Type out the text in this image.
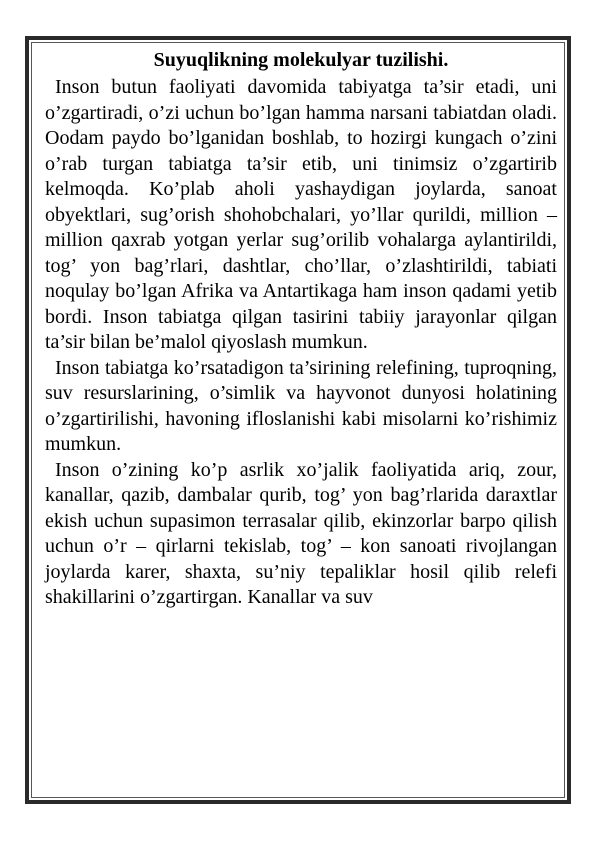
Suyuqlikning molekulyar tuzilishi.

Inson butun faoliyati davomida tabiyatga ta’sir etadi, uni o’zgartiradi, o’zi uchun bo’lgan hamma narsani tabiatdan oladi. Oodam paydo bo’lganidan boshlab, to hozirgi kungach o’zini o’rab turgan tabiatga ta’sir etib, uni tinimsiz o’zgartirib kelmoqda. Ko’plab aholi yashaydigan joylarda, sanoat obyektlari, sug’orish shohobchalari, yo’llar qurildi, million – million qaxrab yotgan yerlar sug’orilib vohalarga aylantirildi, tog’ yon bag’rlari, dashtlar, cho’llar, o’zlashtirildi, tabiati noqulay bo’lgan Afrika va Antartikaga ham inson qadami yetib bordi. Inson tabiatga qilgan tasirini tabiiy jarayonlar qilgan ta’sir bilan be’malol qiyoslash mumkun.

Inson tabiatga ko’rsatadigon ta’sirining relefining, tuproqning, suv resurslarining, o’simlik va hayvonot dunyosi holatining o’zgartirilishi, havoning ifloslanishi kabi misolarni ko’rishimiz mumkun.

Inson o’zining ko’p asrlik xo’jalik faoliyatida ariq, zour, kanallar, qazib, dambalar qurib, tog’ yon bag’rlarida daraxtlar ekish uchun supasimon terrasalar qilib, ekinzorlar barpo qilish uchun o’r – qirlarni tekislab, tog’ – kon sanoati rivojlangan joylarda karer, shaxta, su’niy tepaliklar hosil qilib relefi shakillarini o’zgartirgan. Kanallar va suv
